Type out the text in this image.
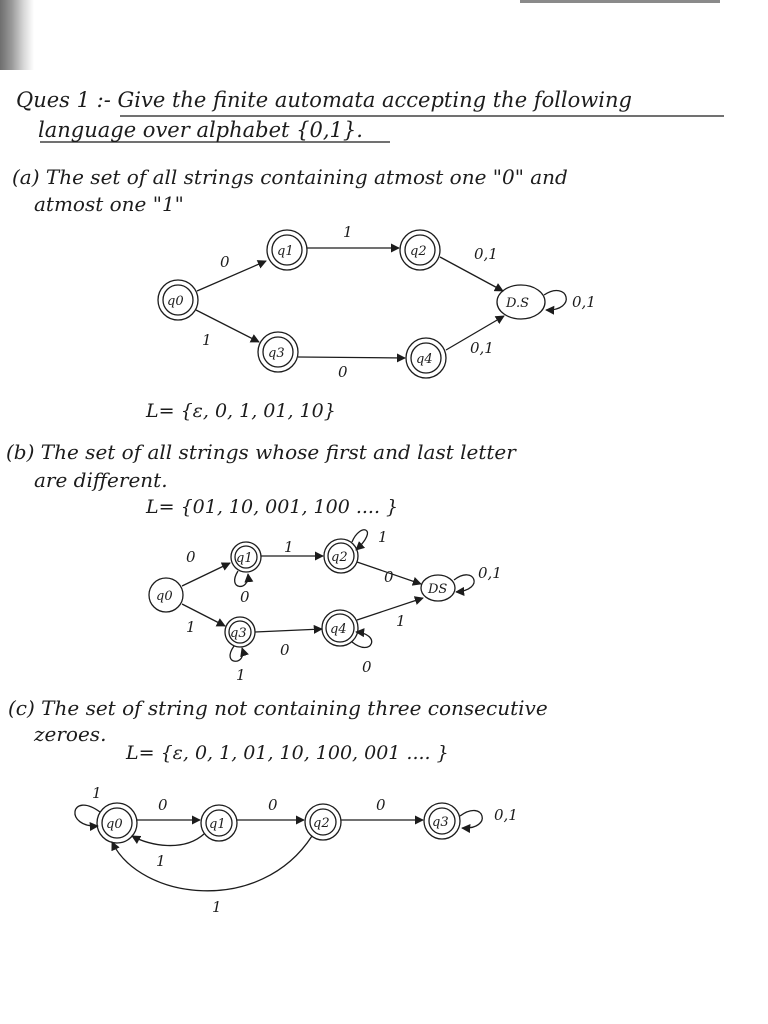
Ques 1 :- Give the finite automata accepting the following
language over alphabet {0,1}.
(a) The set of all strings containing atmost one "0" and
atmost one "1"
q0
q1	q2
q3	q4
D.S
0
1
0,1
0,1
1
0
0,1
L= {ε, 0, 1, 01, 10}
(b) The set of all strings whose first and last letter
are different.
L= {01, 10, 001, 100 .... }
q0
q1	q2
q3	q4
DS
0
1
1
0
0	0,1
1
0
1	0
1
(c) The set of string not containing three consecutive
zeroes.
L= {ε, 0, 1, 01, 10, 100, 001 .... }
q0	q1	q2	q3
1
0	0	0
0,1
1
1
